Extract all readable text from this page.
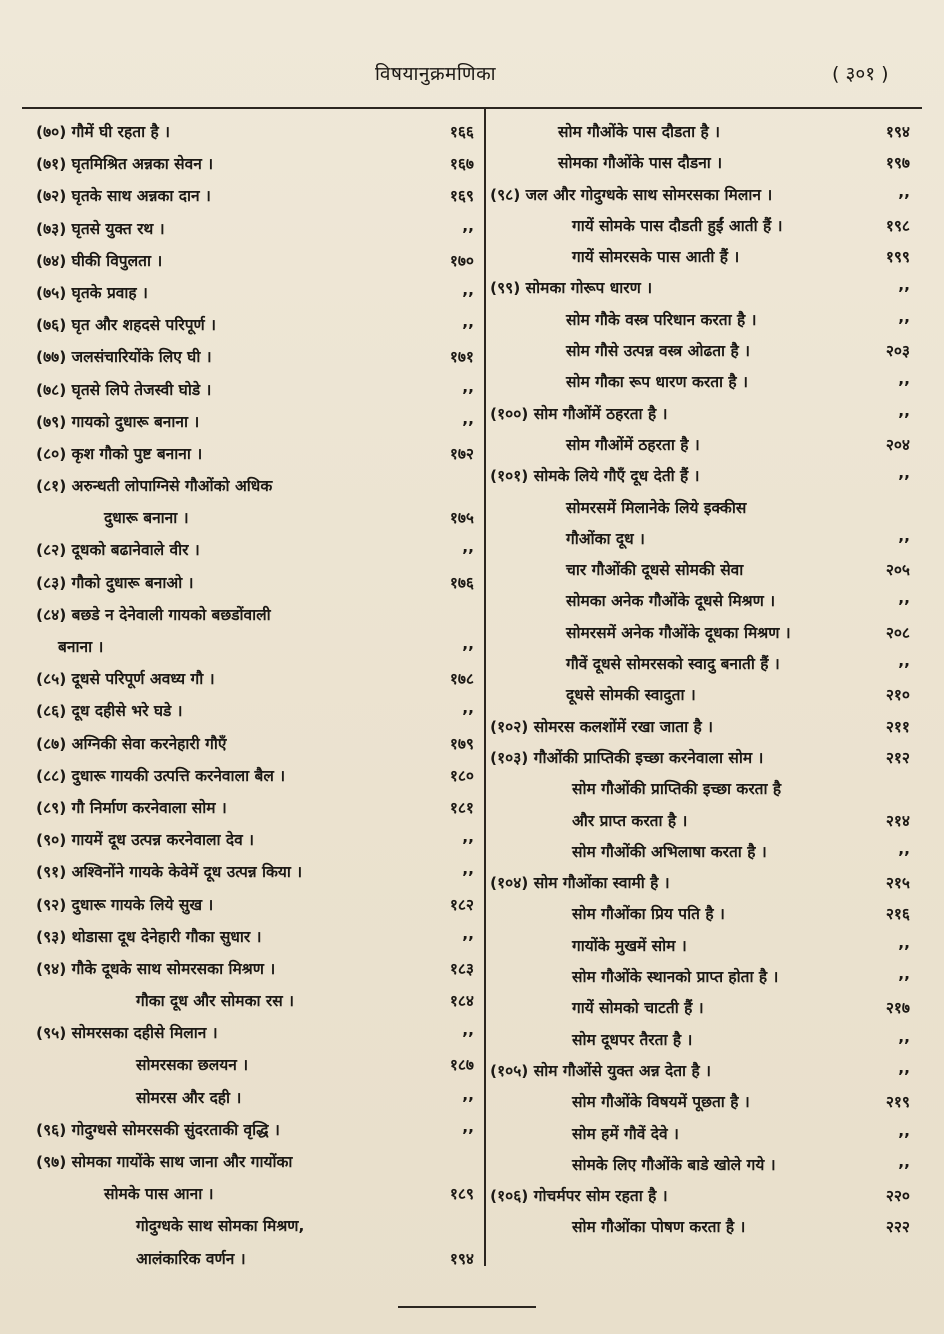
विषयानुक्रमणिका	( ३०१ )
(७०) गौमें घी रहता है ।	१६६
(७१) घृतमिश्रित अन्नका सेवन ।	१६७
(७२) घृतके साथ अन्नका दान ।	१६९
(७३) घृतसे युक्त रथ ।	,,
(७४) घीकी विपुलता ।	१७०
(७५) घृतके प्रवाह ।	,,
(७६) घृत और शहदसे परिपूर्ण ।	,,
(७७) जलसंचारियोंके लिए घी ।	१७१
(७८) घृतसे लिपे तेजस्वी घोडे ।	,,
(७९) गायको दुधारू बनाना ।	,,
(८०) कृश गौको पुष्ट बनाना ।	१७२
(८१) अरुन्धती लोपाग्निसे गौओंको अधिक
दुधारू बनाना ।	१७५
(८२) दूधको बढानेवाले वीर ।	,,
(८३) गौको दुधारू बनाओ ।	१७६
(८४) बछडे न देनेवाली गायको बछडोंवाली
बनाना ।	,,
(८५) दूधसे परिपूर्ण अवध्य गौ ।	१७८
(८६) दूध दहीसे भरे घडे ।	,,
(८७) अग्निकी सेवा करनेहारी गौएँ	१७९
(८८) दुधारू गायकी उत्पत्ति करनेवाला बैल ।	१८०
(८९) गौ निर्माण करनेवाला सोम ।	१८१
(९०) गायमें दूध उत्पन्न करनेवाला देव ।	,,
(९१) अश्विनोंने गायके केवेमें दूध उत्पन्न किया ।	,,
(९२) दुधारू गायके लिये सुख ।	१८२
(९३) थोडासा दूध देनेहारी गौका सुधार ।	,,
(९४) गौके दूधके साथ सोमरसका मिश्रण ।	१८३
गौका दूध और सोमका रस ।	१८४
(९५) सोमरसका दहीसे मिलान ।	,,
सोमरसका छलयन ।	१८७
सोमरस और दही ।	,,
(९६) गोदुग्धसे सोमरसकी सुंदरताकी वृद्धि ।	,,
(९७) सोमका गायोंके साथ जाना और गायोंका
सोमके पास आना ।	१८९
गोदुग्धके साथ सोमका मिश्रण,
आलंकारिक वर्णन ।	१९४
सोम गौओंके पास दौडता है ।	१९४
सोमका गौओंके पास दौडना ।	१९७
(९८) जल और गोदुग्धके साथ सोमरसका मिलान ।	,,
गायें सोमके पास दौडती हुईं आती हैं ।	१९८
गायें सोमरसके पास आती हैं ।	१९९
(९९) सोमका गोरूप धारण ।	,,
सोम गौके वस्त्र परिधान करता है ।	,,
सोम गौसे उत्पन्न वस्त्र ओढता है ।	२०३
सोम गौका रूप धारण करता है ।	,,
(१००) सोम गौओंमें ठहरता है ।	,,
सोम गौओंमें ठहरता है ।	२०४
(१०१) सोमके लिये गौएँ दूध देती हैं ।	,,
सोमरसमें मिलानेके लिये इक्कीस
गौओंका दूध ।	,,
चार गौओंकी दूधसे सोमकी सेवा	२०५
सोमका अनेक गौओंके दूधसे मिश्रण ।	,,
सोमरसमें अनेक गौओंके दूधका मिश्रण ।	२०८
गौवें दूधसे सोमरसको स्वादु बनाती हैं ।	,,
दूधसे सोमकी स्वादुता ।	२१०
(१०२) सोमरस कलशोंमें रखा जाता है ।	२११
(१०३) गौओंकी प्राप्तिकी इच्छा करनेवाला सोम ।	२१२
सोम गौओंकी प्राप्तिकी इच्छा करता है
और प्राप्त करता है ।	२१४
सोम गौओंकी अभिलाषा करता है ।	,,
(१०४) सोम गौओंका स्वामी है ।	२१५
सोम गौओंका प्रिय पति है ।	२१६
गायोंके मुखमें सोम ।	,,
सोम गौओंके स्थानको प्राप्त होता है ।	,,
गायें सोमको चाटती हैं ।	२१७
सोम दूधपर तैरता है ।	,,
(१०५) सोम गौओंसे युक्त अन्न देता है ।	,,
सोम गौओंके विषयमें पूछता है ।	२१९
सोम हमें गौवें देवे ।	,,
सोमके लिए गौओंके बाडे खोले गये ।	,,
(१०६) गोचर्मपर सोम रहता है ।	२२०
सोम गौओंका पोषण करता है ।	२२२
